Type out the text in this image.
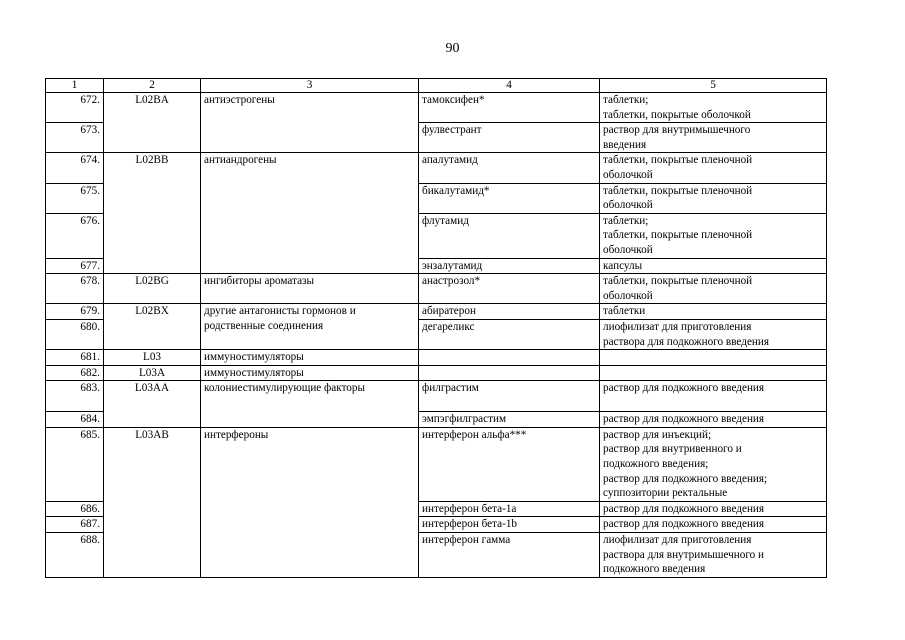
90
1	2	3	4	5
672.	L02BA	антиэстрогены	тамоксифен*	таблетки;
таблетки, покрытые оболочкой

673.			фулвестрант	раствор для внутримышечного
введения

674.	L02BB	антиандрогены	апалутамид	таблетки, покрытые пленочной
оболочкой

675.			бикалутамид*	таблетки, покрытые пленочной
оболочкой

676.			флутамид	таблетки;
таблетки, покрытые пленочной
оболочкой

677.			энзалутамид	капсулы

678.	L02BG	ингибиторы ароматазы	анастрозол*	таблетки, покрытые пленочной
оболочкой

679.	L02BX	другие антагонисты гормонов и родственные соединения	абиратерон	таблетки

680.			дегареликс	лиофилизат для приготовления
раствора для подкожного введения

681.	L03	иммуностимуляторы		

682.	L03A	иммуностимуляторы		

683.	L03AA	колониестимулирующие факторы	филграстим	раствор для подкожного введения

684.			эмпэгфилграстим	раствор для подкожного введения

685.	L03AB	интерфероны	интерферон альфа***	раствор для инъекций;
раствор для внутривенного и
подкожного введения;
раствор для подкожного введения;
суппозитории ректальные

686.			интерферон бета-1a	раствор для подкожного введения

687.			интерферон бета-1b	раствор для подкожного введения

688.			интерферон гамма	лиофилизат для приготовления
раствора для внутримышечного и
подкожного введения
